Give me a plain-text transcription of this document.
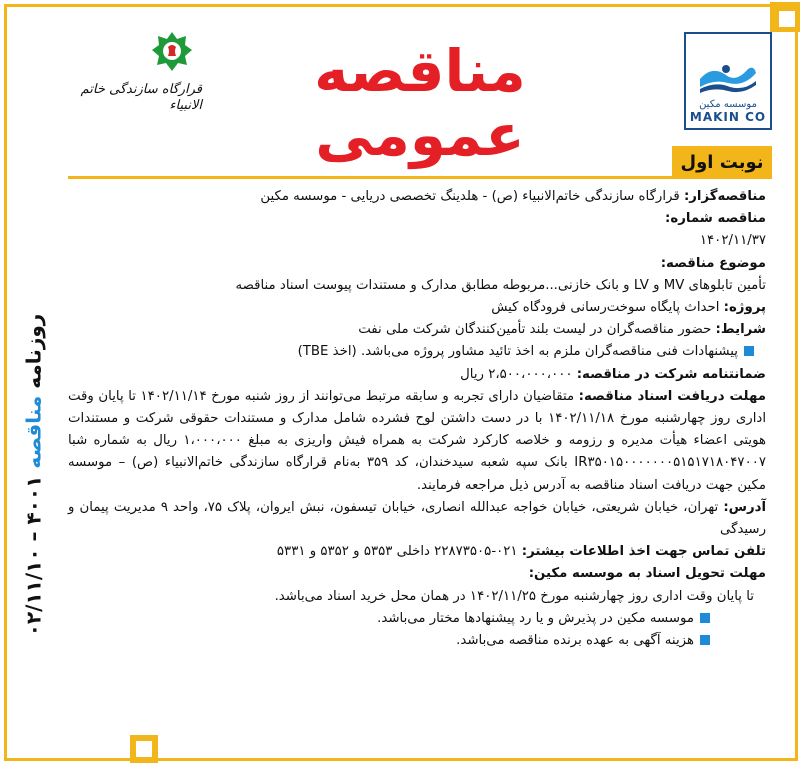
روزنامه مناقصه ۴۰۰۱ – ۰۲/۱۱/۱۰
موسسه مکین
MAKIN CO
مناقصه عمومی
قرارگاه سازندگی خاتم الانبیاء
نوبت اول

مناقصه‌گزار: قرارگاه سازندگی خاتم‌الانبیاء (ص) - هلدینگ تخصصی دریایی - موسسه مکین

مناقصه شماره:

۱۴۰۲/۱۱/۳۷

موضوع مناقصه:

تأمین تابلوهای MV و LV و بانک خازنی...مربوطه مطابق مدارک و مستندات پیوست اسناد مناقصه

پروژه: احداث پایگاه سوخت‌رسانی فرودگاه کیش

شرایط: حضور مناقصه‌گران در لیست بلند تأمین‌کنندگان شرکت ملی نفت

پیشنهادات فنی مناقصه‌گران ملزم به اخذ تائید مشاور پروژه می‌باشد. (اخذ TBE)

ضمانتنامه شرکت در مناقصه: ۲،۵۰۰،۰۰۰،۰۰۰ ریال

مهلت دریافت اسناد مناقصه: متقاضیان دارای تجربه و سابقه مرتبط می‌توانند از روز شنبه مورخ ۱۴۰۲/۱۱/۱۴ تا پایان وقت اداری روز چهارشنبه مورخ ۱۴۰۲/۱۱/۱۸ با در دست داشتن لوح فشرده شامل مدارک و مستندات حقوقی شرکت و مستندات هویتی اعضاء هیأت مدیره و رزومه و خلاصه کارکرد شرکت به همراه فیش واریزی به مبلغ ۱،۰۰۰،۰۰۰ ریال به شماره شبا IR۳۵۰۱۵۰۰۰۰۰۰۰۵۱۵۱۷۱۸۰۴۷۰۰۷ بانک سپه شعبه سیدخندان، کد ۳۵۹ به‌نام قرارگاه سازندگی خاتم‌الانبیاء (ص) – موسسه مکین جهت دریافت اسناد مناقصه به آدرس ذیل مراجعه فرمایند.

آدرس: تهران، خیابان شریعتی، خیابان خواجه عبدالله انصاری، خیابان تیسفون، نبش ایروان، پلاک ۷۵، واحد ۹ مدیریت پیمان و رسیدگی

تلفن تماس جهت اخذ اطلاعات بیشتر: ۰۲۱-۲۲۸۷۳۵۰۵ داخلی ۵۳۵۳ و ۵۳۵۲ و ۵۳۳۱

مهلت تحویل اسناد به موسسه مکین:

تا پایان وقت اداری روز چهارشنبه مورخ ۱۴۰۲/۱۱/۲۵ در همان محل خرید اسناد می‌باشد.

موسسه مکین در پذیرش و یا رد پیشنهادها مختار می‌باشد.

هزینه آگهی به عهده برنده مناقصه می‌باشد.
